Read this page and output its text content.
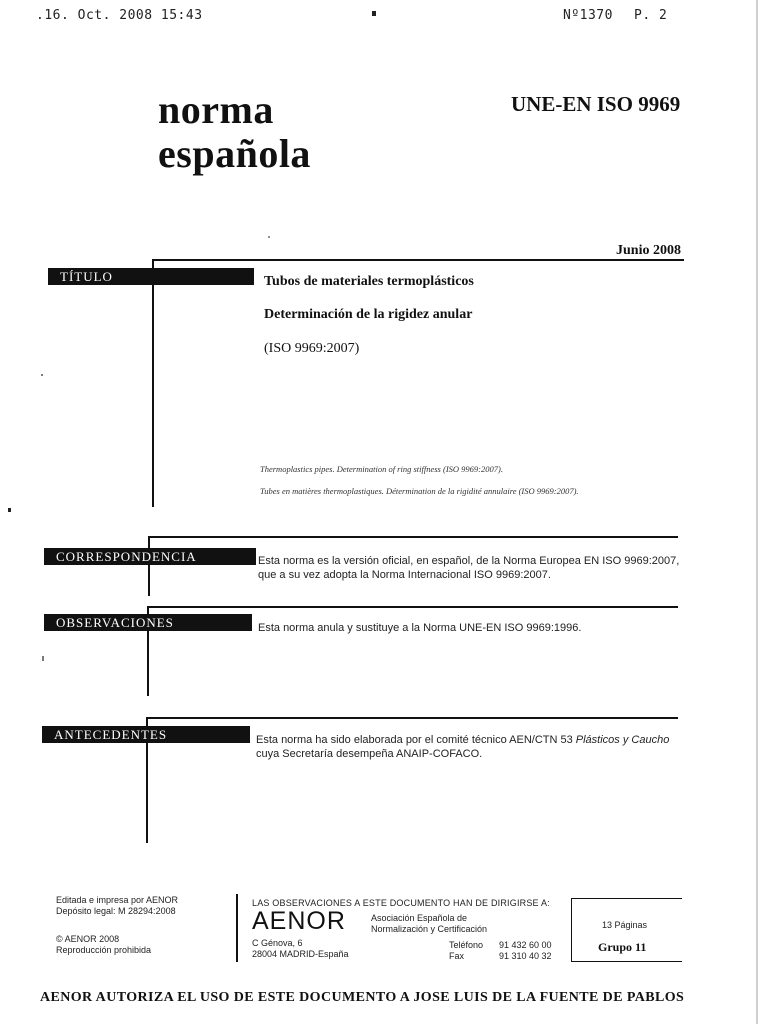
.16. Oct. 2008 15:43	Nº1370 P. 2
norma
española
UNE-EN ISO 9969
Junio 2008
TÍTULO	Tubos de materiales termoplásticos
Determinación de la rigidez anular
(ISO 9969:2007)
Thermoplastics pipes. Determination of ring stiffness (ISO 9969:2007).
Tubes en matières thermoplastiques. Détermination de la rigidité annulaire (ISO 9969:2007).
CORRESPONDENCIA	Esta norma es la versión oficial, en español, de la Norma Europea EN ISO 9969:2007,
que a su vez adopta la Norma Internacional ISO 9969:2007.
OBSERVACIONES	Esta norma anula y sustituye a la Norma UNE-EN ISO 9969:1996.
ANTECEDENTES	Esta norma ha sido elaborada por el comité técnico AEN/CTN 53 Plásticos y Caucho
cuya Secretaría desempeña ANAIP-COFACO.
Editada e impresa por AENOR
Depósito legal: M 28294:2008
© AENOR 2008
Reproducción prohibida
LAS OBSERVACIONES A ESTE DOCUMENTO HAN DE DIRIGIRSE A:
AENOR	Asociación Española de
Normalización y Certificación
C Génova, 6
28004 MADRID-España
Teléfono 91 432 60 00
Fax	91 310 40 32
13 Páginas
Grupo 11
AENOR AUTORIZA EL USO DE ESTE DOCUMENTO A JOSE LUIS DE LA FUENTE DE PABLOS
